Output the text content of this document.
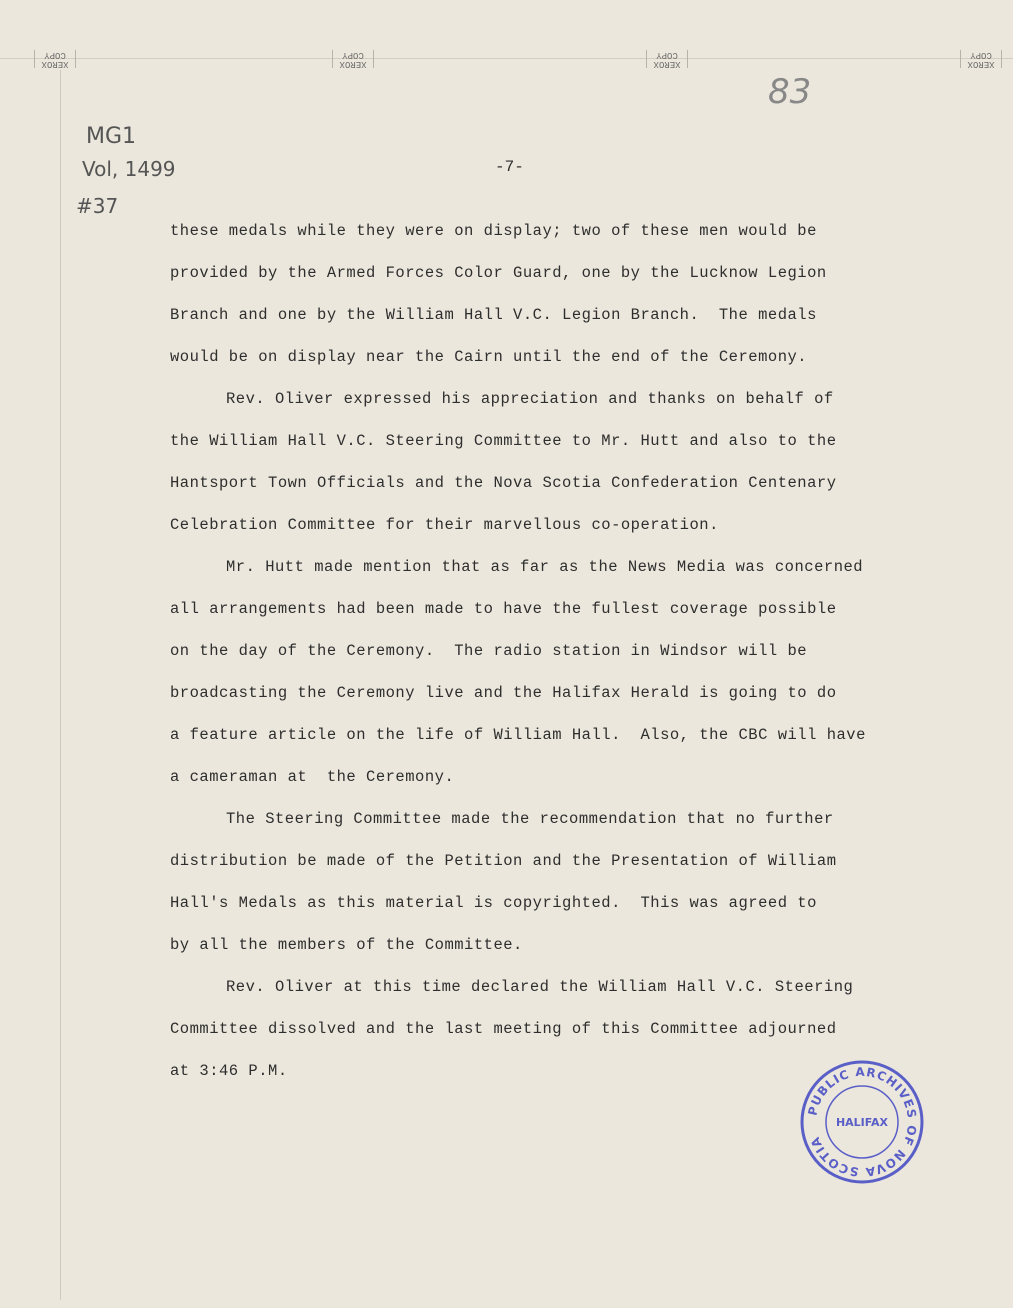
XEROX COPY
XEROX COPY
XEROX COPY
XEROX COPY
MG1
Vol, 1499
#37
83
-7-
these medals while they were on display; two of these men would be
provided by the Armed Forces Color Guard, one by the Lucknow Legion
Branch and one by the William Hall V.C. Legion Branch.  The medals
would be on display near the Cairn until the end of the Ceremony.
Rev. Oliver expressed his appreciation and thanks on behalf of
the William Hall V.C. Steering Committee to Mr. Hutt and also to the
Hantsport Town Officials and the Nova Scotia Confederation Centenary
Celebration Committee for their marvellous co-operation.
Mr. Hutt made mention that as far as the News Media was concerned
all arrangements had been made to have the fullest coverage possible
on the day of the Ceremony.  The radio station in Windsor will be
broadcasting the Ceremony live and the Halifax Herald is going to do
a feature article on the life of William Hall.  Also, the CBC will have
a cameraman at  the Ceremony.
The Steering Committee made the recommendation that no further
distribution be made of the Petition and the Presentation of William
Hall's Medals as this material is copyrighted.  This was agreed to
by all the members of the Committee.
Rev. Oliver at this time declared the William Hall V.C. Steering
Committee dissolved and the last meeting of this Committee adjourned
at 3:46 P.M.
PUBLIC ARCHIVES OF NOVA SCOTIA
HALIFAX
